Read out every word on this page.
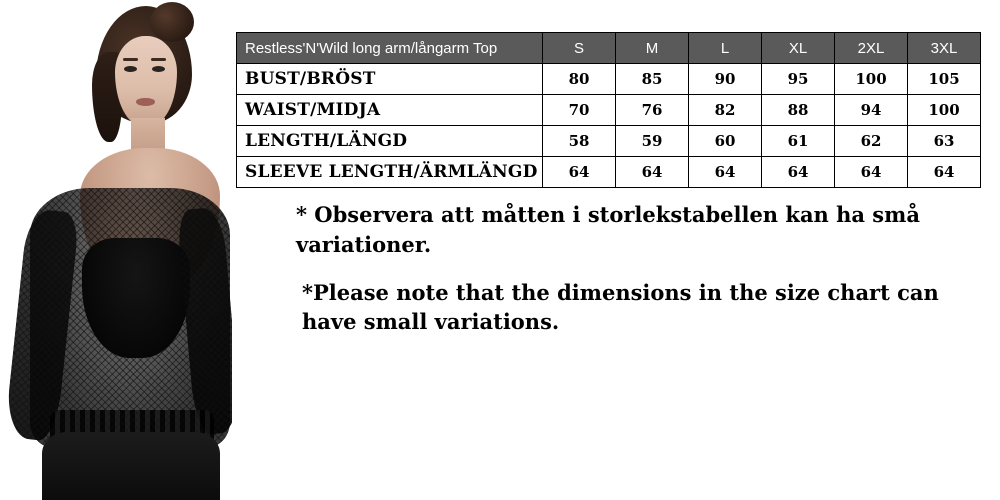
Restless'N'Wild long arm/långarm Top	S	M	L	XL	2XL	3XL
BUST/BRÖST	80	85	90	95	100	105
WAIST/MIDJA	70	76	82	88	94	100
LENGTH/LÄNGD	58	59	60	61	62	63
SLEEVE LENGTH/ÄRMLÄNGD	64	64	64	64	64	64

* Observera att måtten i storlekstabellen kan ha små variationer.

*Please note that the dimensions in the size chart can have small variations.
